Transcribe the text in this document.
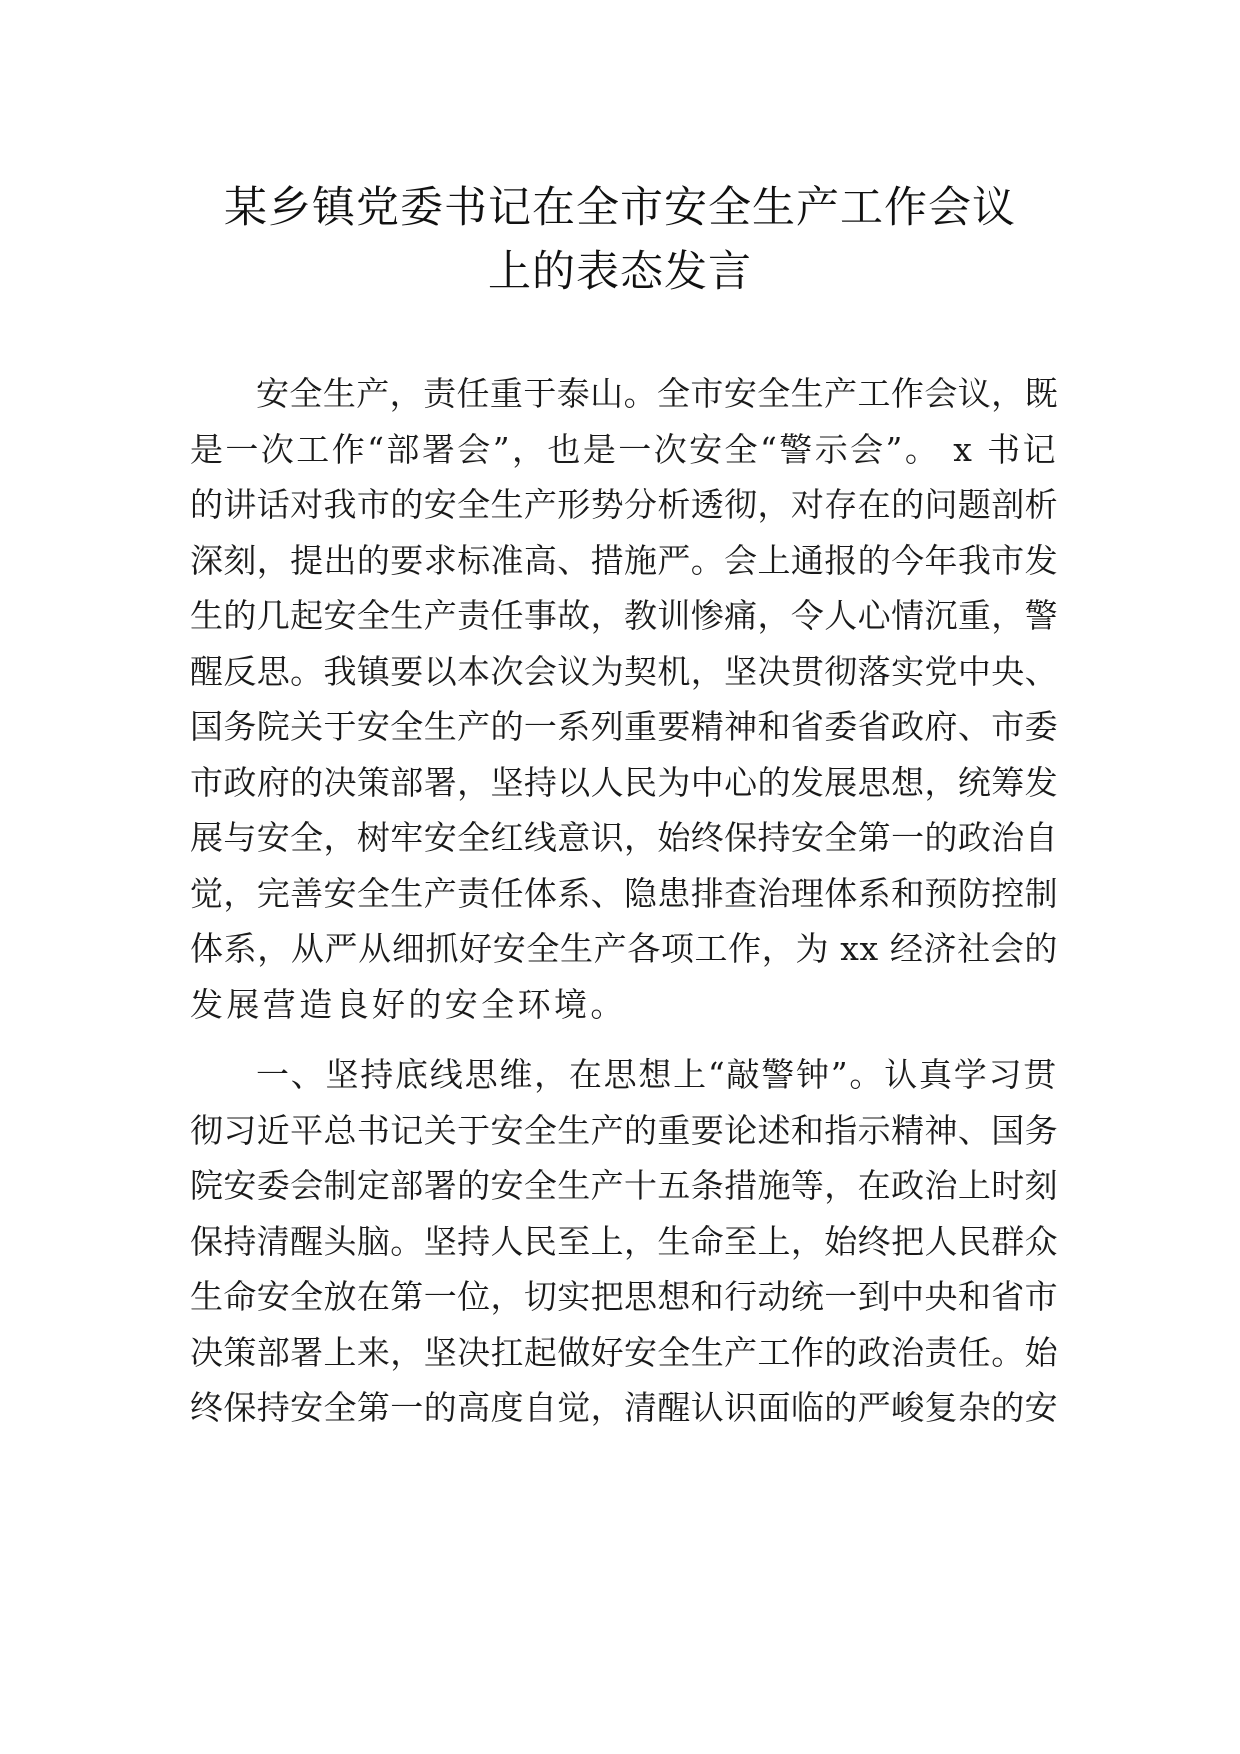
某乡镇党委书记在全市安全生产工作会议
上的表态发言

安全生产，责任重于泰山。全市安全生产工作会议，既
是一次工作“部署会”，也是一次安全“警示会”。 x 书记
的讲话对我市的安全生产形势分析透彻，对存在的问题剖析
深刻，提出的要求标准高、措施严。会上通报的今年我市发
生的几起安全生产责任事故，教训惨痛，令人心情沉重，警
醒反思。我镇要以本次会议为契机，坚决贯彻落实党中央、
国务院关于安全生产的一系列重要精神和省委省政府、市委
市政府的决策部署，坚持以人民为中心的发展思想，统筹发
展与安全，树牢安全红线意识，始终保持安全第一的政治自
觉，完善安全生产责任体系、隐患排查治理体系和预防控制
体系，从严从细抓好安全生产各项工作，为 xx 经济社会的
发展营造良好的安全环境。

一、坚持底线思维，在思想上“敲警钟”。认真学习贯
彻习近平总书记关于安全生产的重要论述和指示精神、国务
院安委会制定部署的安全生产十五条措施等，在政治上时刻
保持清醒头脑。坚持人民至上，生命至上，始终把人民群众
生命安全放在第一位，切实把思想和行动统一到中央和省市
决策部署上来，坚决扛起做好安全生产工作的政治责任。始
终保持安全第一的高度自觉，清醒认识面临的严峻复杂的安
